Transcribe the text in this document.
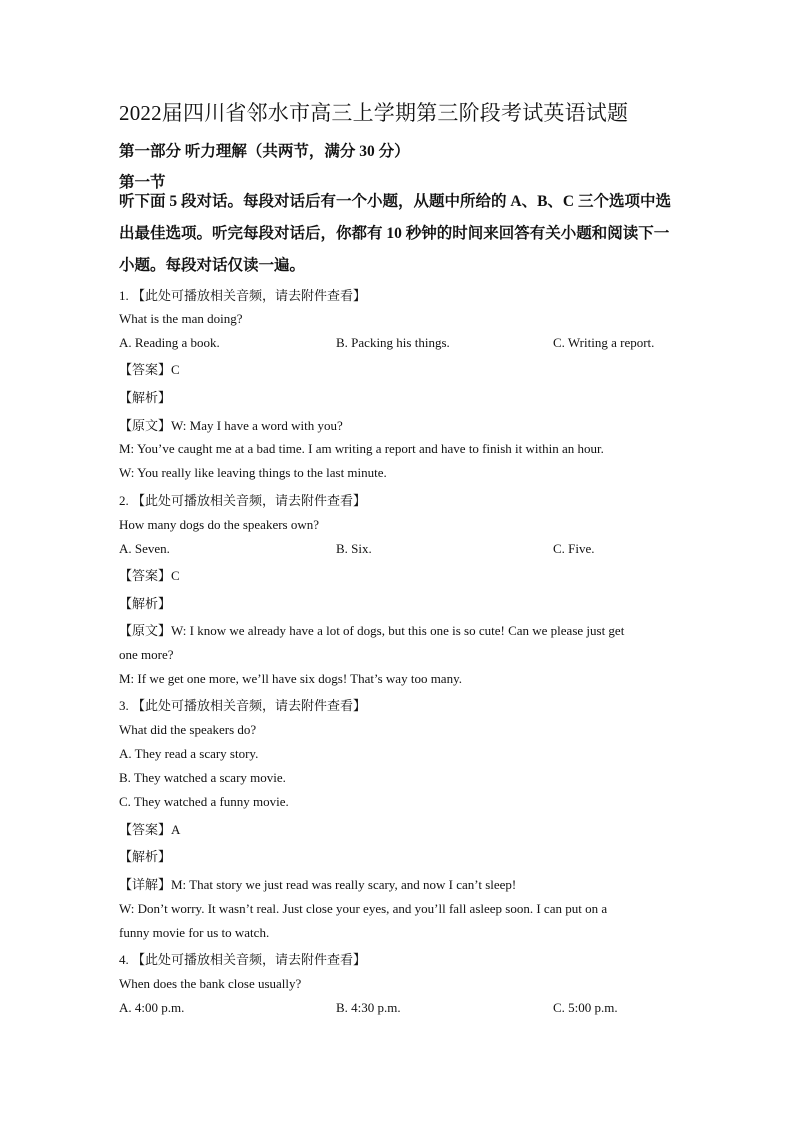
2022届四川省邻水市高三上学期第三阶段考试英语试题
第一部分 听力理解（共两节，满分 30 分）
第一节
听下面 5 段对话。每段对话后有一个小题，从题中所给的 A、B、C 三个选项中选出最佳选项。听完每段对话后，你都有 10 秒钟的时间来回答有关小题和阅读下一小题。每段对话仅读一遍。
1. 【此处可播放相关音频，请去附件查看】
What is the man doing?
A. Reading a book.	B. Packing his things.	C. Writing a report.
【答案】C
【解析】
【原文】W: May I have a word with you?
M: You’ve caught me at a bad time. I am writing a report and have to finish it within an hour.
W: You really like leaving things to the last minute.
2. 【此处可播放相关音频，请去附件查看】
How many dogs do the speakers own?
A. Seven.	B. Six.	C. Five.
【答案】C
【解析】
【原文】W: I know we already have a lot of dogs, but this one is so cute! Can we please just get
one more?
M: If we get one more, we’ll have six dogs! That’s way too many.
3. 【此处可播放相关音频，请去附件查看】
What did the speakers do?
A. They read a scary story.
B. They watched a scary movie.
C. They watched a funny movie.
【答案】A
【解析】
【详解】M: That story we just read was really scary, and now I can’t sleep!
W: Don’t worry. It wasn’t real. Just close your eyes, and you’ll fall asleep soon. I can put on a
funny movie for us to watch.
4. 【此处可播放相关音频，请去附件查看】
When does the bank close usually?
A. 4:00 p.m.	B. 4:30 p.m.	C. 5:00 p.m.
